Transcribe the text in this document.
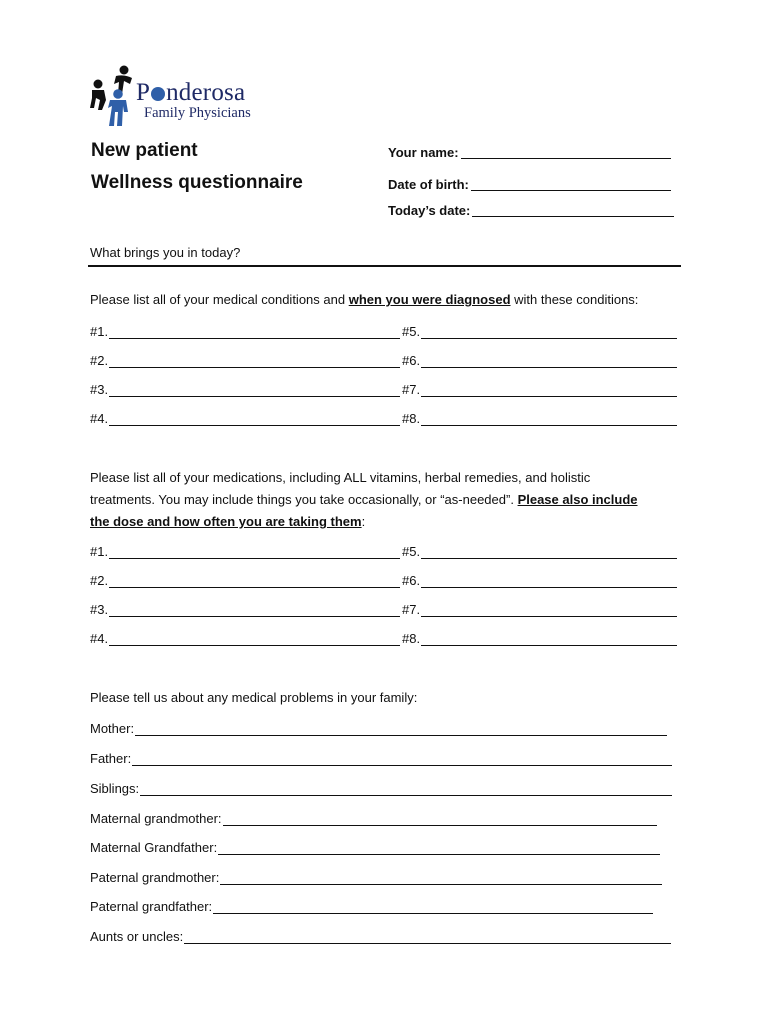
P nderosa
Family Physicians
New patient
Wellness questionnaire
Your name:
Date of birth:
Today’s date:
What brings you in today?
Please list all of your medical conditions and when you were diagnosed with these conditions:
#1.	#5.
#2.	#6.
#3.	#7.
#4.	#8.
Please list all of your medications, including ALL vitamins, herbal remedies, and holistic
treatments. You may include things you take occasionally, or “as-needed”. Please also include
the dose and how often you are taking them:
#1.	#5.
#2.	#6.
#3.	#7.
#4.	#8.
Please tell us about any medical problems in your family:
Mother:
Father:
Siblings:
Maternal grandmother:
Maternal Grandfather:
Paternal grandmother:
Paternal grandfather:
Aunts or uncles:
